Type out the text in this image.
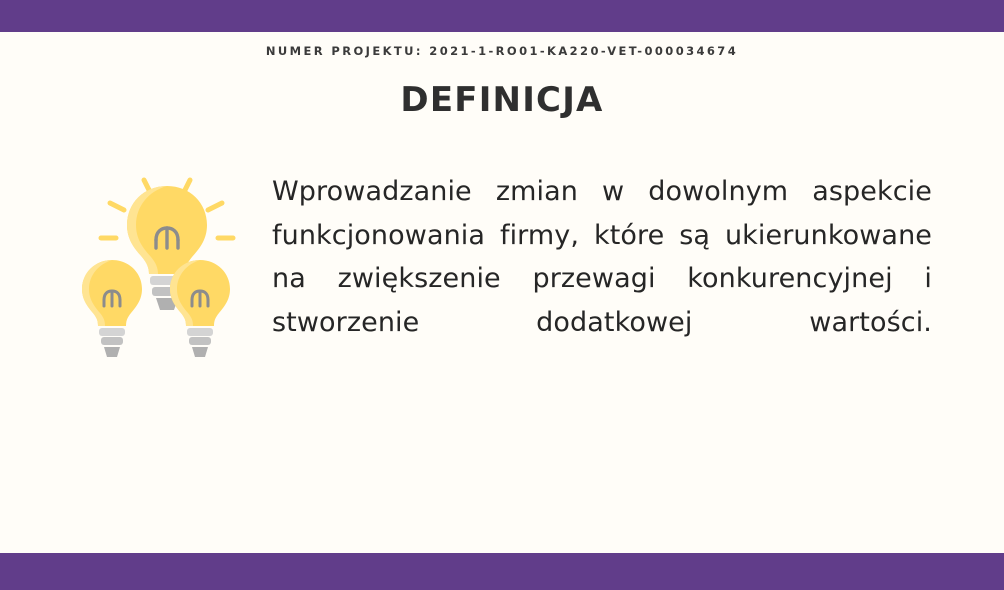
NUMER PROJEKTU: 2021-1-RO01-KA220-VET-000034674
DEFINICJA
Wprowadzanie zmian w dowolnym aspekcie funkcjonowania firmy, które są ukierunkowane na zwiększenie przewagi konkurencyjnej i stworzenie dodatkowej wartości.
